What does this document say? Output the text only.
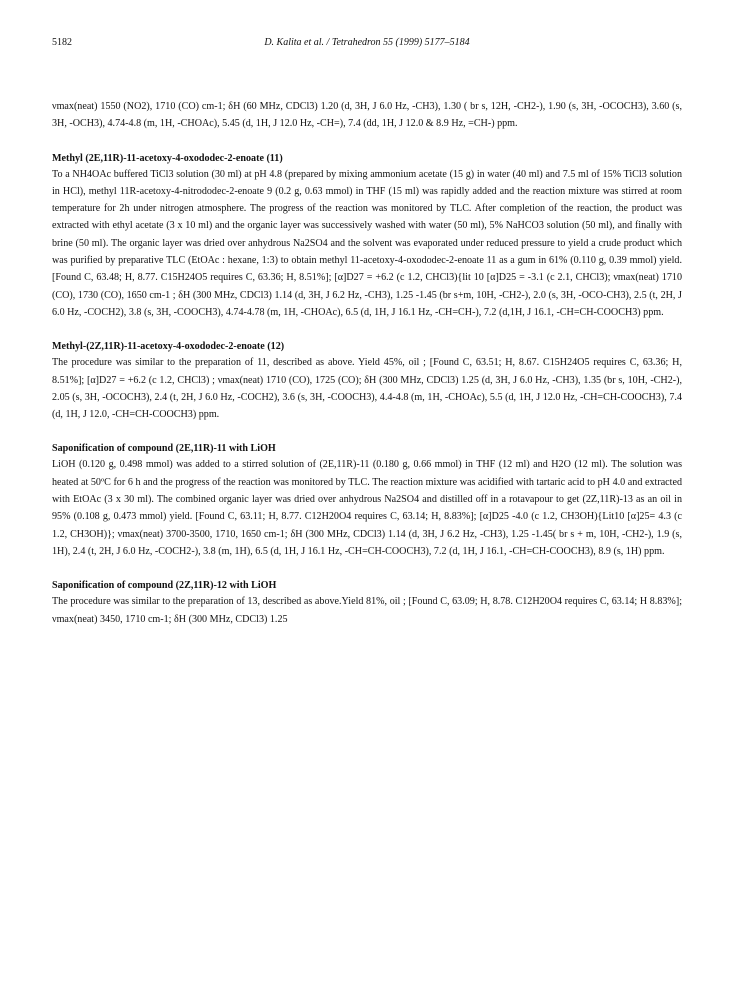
5182	D. Kalita et al. / Tetrahedron 55 (1999) 5177–5184

νmax(neat) 1550 (NO2), 1710 (CO) cm-1; δH (60 MHz, CDCl3) 1.20 (d, 3H, J 6.0 Hz, -CH3), 1.30 ( br s, 12H, -CH2-), 1.90 (s, 3H, -OCOCH3), 3.60 (s, 3H, -OCH3), 4.74-4.8 (m, 1H, -CHOAc), 5.45 (d, 1H, J 12.0 Hz, -CH=), 7.4 (dd, 1H, J 12.0 & 8.9 Hz, =CH-) ppm.

Methyl (2E,11R)-11-acetoxy-4-oxododec-2-enoate (11)

To a NH4OAc buffered TiCl3 solution (30 ml) at pH 4.8 (prepared by mixing ammonium acetate (15 g) in water (40 ml) and 7.5 ml of 15% TiCl3 solution in HCl), methyl 11R-acetoxy-4-nitrododec-2-enoate 9 (0.2 g, 0.63 mmol) in THF (15 ml) was rapidly added and the reaction mixture was stirred at room temperature for 2h under nitrogen atmosphere. The progress of the reaction was monitored by TLC. After completion of the reaction, the product was extracted with ethyl acetate (3 x 10 ml) and the organic layer was successively washed with water (50 ml), 5% NaHCO3 solution (50 ml), and finally with brine (50 ml). The organic layer was dried over anhydrous Na2SO4 and the solvent was evaporated under reduced pressure to yield a crude product which was purified by preparative TLC (EtOAc : hexane, 1:3) to obtain methyl 11-acetoxy-4-oxododec-2-enoate 11 as a gum in 61% (0.110 g, 0.39 mmol) yield. [Found C, 63.48; H, 8.77. C15H24O5 requires C, 63.36; H, 8.51%]; [α]D27 = +6.2 (c 1.2, CHCl3){lit 10 [α]D25 = -3.1 (c 2.1, CHCl3); νmax(neat) 1710 (CO), 1730 (CO), 1650 cm-1 ; δH (300 MHz, CDCl3) 1.14 (d, 3H, J 6.2 Hz, -CH3), 1.25 -1.45 (br s+m, 10H, -CH2-), 2.0 (s, 3H, -OCO-CH3), 2.5 (t, 2H, J 6.0 Hz, -COCH2), 3.8 (s, 3H, -COOCH3), 4.74-4.78 (m, 1H, -CHOAc), 6.5 (d, 1H, J 16.1 Hz, -CH=CH-), 7.2 (d,1H, J 16.1, -CH=CH-COOCH3) ppm.

Methyl-(2Z,11R)-11-acetoxy-4-oxododec-2-enoate (12)

The procedure was similar to the preparation of 11, described as above. Yield 45%, oil ; [Found C, 63.51; H, 8.67. C15H24O5 requires C, 63.36; H, 8.51%]; [α]D27 = +6.2 (c 1.2, CHCl3) ; νmax(neat) 1710 (CO), 1725 (CO); δH (300 MHz, CDCl3) 1.25 (d, 3H, J 6.0 Hz, -CH3), 1.35 (br s, 10H, -CH2-), 2.05 (s, 3H, -OCOCH3), 2.4 (t, 2H, J 6.0 Hz, -COCH2), 3.6 (s, 3H, -COOCH3), 4.4-4.8 (m, 1H, -CHOAc), 5.5 (d, 1H, J 12.0 Hz, -CH=CH-COOCH3), 7.4 (d, 1H, J 12.0, -CH=CH-COOCH3) ppm.

Saponification of compound (2E,11R)-11 with LiOH

LiOH (0.120 g, 0.498 mmol) was added to a stirred solution of (2E,11R)-11 (0.180 g, 0.66 mmol) in THF (12 ml) and H2O (12 ml). The solution was heated at 50ºC for 6 h and the progress of the reaction was monitored by TLC. The reaction mixture was acidified with tartaric acid to pH 4.0 and extracted with EtOAc (3 x 30 ml). The combined organic layer was dried over anhydrous Na2SO4 and distilled off in a rotavapour to get (2Z,11R)-13 as an oil in 95% (0.108 g, 0.473 mmol) yield. [Found C, 63.11; H, 8.77. C12H20O4 requires C, 63.14; H, 8.83%]; [α]D25 -4.0 (c 1.2, CH3OH){Lit10 [α]25= 4.3 (c 1.2, CH3OH)}; νmax(neat) 3700-3500, 1710, 1650 cm-1; δH (300 MHz, CDCl3) 1.14 (d, 3H, J 6.2 Hz, -CH3), 1.25 -1.45( br s + m, 10H, -CH2-), 1.9 (s, 1H), 2.4 (t, 2H, J 6.0 Hz, -COCH2-), 3.8 (m, 1H), 6.5 (d, 1H, J 16.1 Hz, -CH=CH-COOCH3), 7.2 (d, 1H, J 16.1, -CH=CH-COOCH3), 8.9 (s, 1H) ppm.

Saponification of compound (2Z,11R)-12 with LiOH

The procedure was similar to the preparation of 13, described as above.Yield 81%, oil ; [Found C, 63.09; H, 8.78. C12H20O4 requires C, 63.14; H 8.83%]; νmax(neat) 3450, 1710 cm-1; δH (300 MHz, CDCl3) 1.25
